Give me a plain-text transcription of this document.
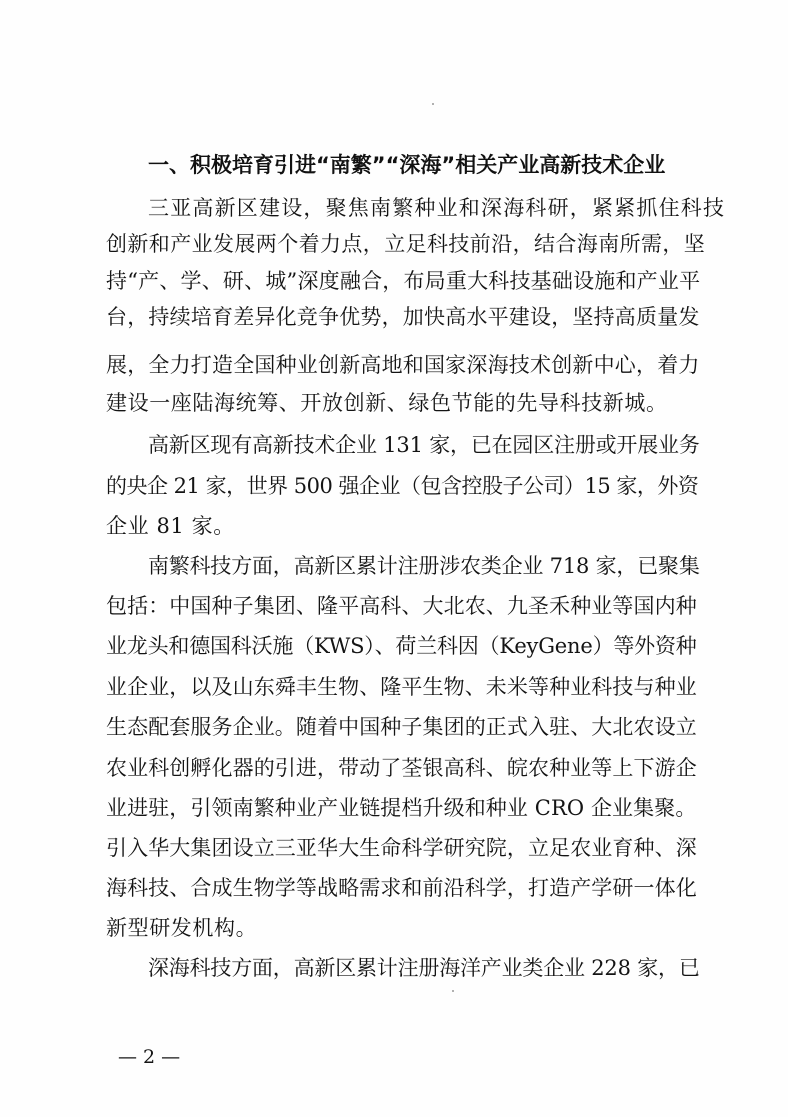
一、积极培育引进“南繁”“深海”相关产业高新技术企业
三亚高新区建设，聚焦南繁种业和深海科研，紧紧抓住科技
创新和产业发展两个着力点，立足科技前沿，结合海南所需，坚
持“产、学、研、城”深度融合，布局重大科技基础设施和产业平
台，持续培育差异化竞争优势，加快高水平建设，坚持高质量发
展，全力打造全国种业创新高地和国家深海技术创新中心，着力
建设一座陆海统筹、开放创新、绿色节能的先导科技新城。
高新区现有高新技术企业 131 家，已在园区注册或开展业务
的央企 21 家，世界 500 强企业（包含控股子公司）15 家，外资
企业 81 家。
南繁科技方面，高新区累计注册涉农类企业 718 家，已聚集
包括：中国种子集团、隆平高科、大北农、九圣禾种业等国内种
业龙头和德国科沃施（KWS）、荷兰科因（KeyGene）等外资种
业企业，以及山东舜丰生物、隆平生物、未米等种业科技与种业
生态配套服务企业。随着中国种子集团的正式入驻、大北农设立
农业科创孵化器的引进，带动了荃银高科、皖农种业等上下游企
业进驻，引领南繁种业产业链提档升级和种业 CRO 企业集聚。
引入华大集团设立三亚华大生命科学研究院，立足农业育种、深
海科技、合成生物学等战略需求和前沿科学，打造产学研一体化
新型研发机构。
深海科技方面，高新区累计注册海洋产业类企业 228 家，已
— 2 —
